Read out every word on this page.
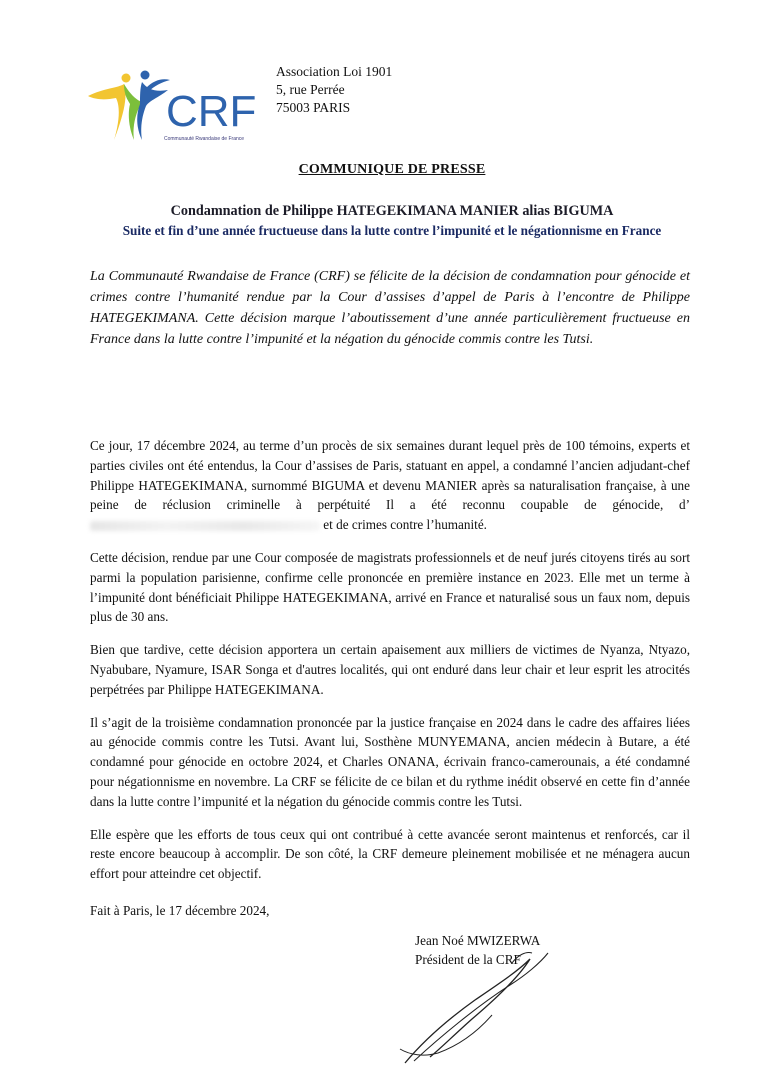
CRF
Communauté Rwandaise de France
Association Loi 1901
5, rue Perrée
75003 PARIS
COMMUNIQUE DE PRESSE
Condamnation de Philippe HATEGEKIMANA MANIER alias BIGUMA
Suite et fin d’une année fructueuse dans la lutte contre l’impunité et le négationnisme en France
La Communauté Rwandaise de France (CRF) se félicite de la décision de condamnation pour génocide et crimes contre l’humanité rendue par la Cour d’assises d’appel de Paris à l’encontre de Philippe HATEGEKIMANA. Cette décision marque l’aboutissement d’une année particulièrement fructueuse en France dans la lutte contre l’impunité et la négation du génocide commis contre les Tutsi.

Ce jour, 17 décembre 2024, au terme d’un procès de six semaines durant lequel près de 100 témoins, experts et parties civiles ont été entendus, la Cour d’assises de Paris, statuant en appel, a condamné l’ancien adjudant-chef Philippe HATEGEKIMANA, surnommé BIGUMA et devenu MANIER après sa naturalisation française, à une peine de réclusion criminelle à perpétuité Il a été reconnu coupable de génocide, d’ et de crimes contre l’humanité.

Cette décision, rendue par une Cour composée de magistrats professionnels et de neuf jurés citoyens tirés au sort parmi la population parisienne, confirme celle prononcée en première instance en 2023. Elle met un terme à l’impunité dont bénéficiait Philippe HATEGEKIMANA, arrivé en France et naturalisé sous un faux nom, depuis plus de 30 ans.

Bien que tardive, cette décision apportera un certain apaisement aux milliers de victimes de Nyanza, Ntyazo, Nyabubare, Nyamure, ISAR Songa et d'autres localités, qui ont enduré dans leur chair et leur esprit les atrocités perpétrées par Philippe HATEGEKIMANA.

Il s’agit de la troisième condamnation prononcée par la justice française en 2024 dans le cadre des affaires liées au génocide commis contre les Tutsi. Avant lui, Sosthène MUNYEMANA, ancien médecin à Butare, a été condamné pour génocide en octobre 2024, et Charles ONANA, écrivain franco-camerounais, a été condamné pour négationnisme en novembre. La CRF se félicite de ce bilan et du rythme inédit observé en cette fin d’année dans la lutte contre l’impunité et la négation du génocide commis contre les Tutsi.

Elle espère que les efforts de tous ceux qui ont contribué à cette avancée seront maintenus et renforcés, car il reste encore beaucoup à accomplir. De son côté, la CRF demeure pleinement mobilisée et ne ménagera aucun effort pour atteindre cet objectif.

Fait à Paris, le 17 décembre 2024,
Jean Noé MWIZERWA
Président de la CRF
